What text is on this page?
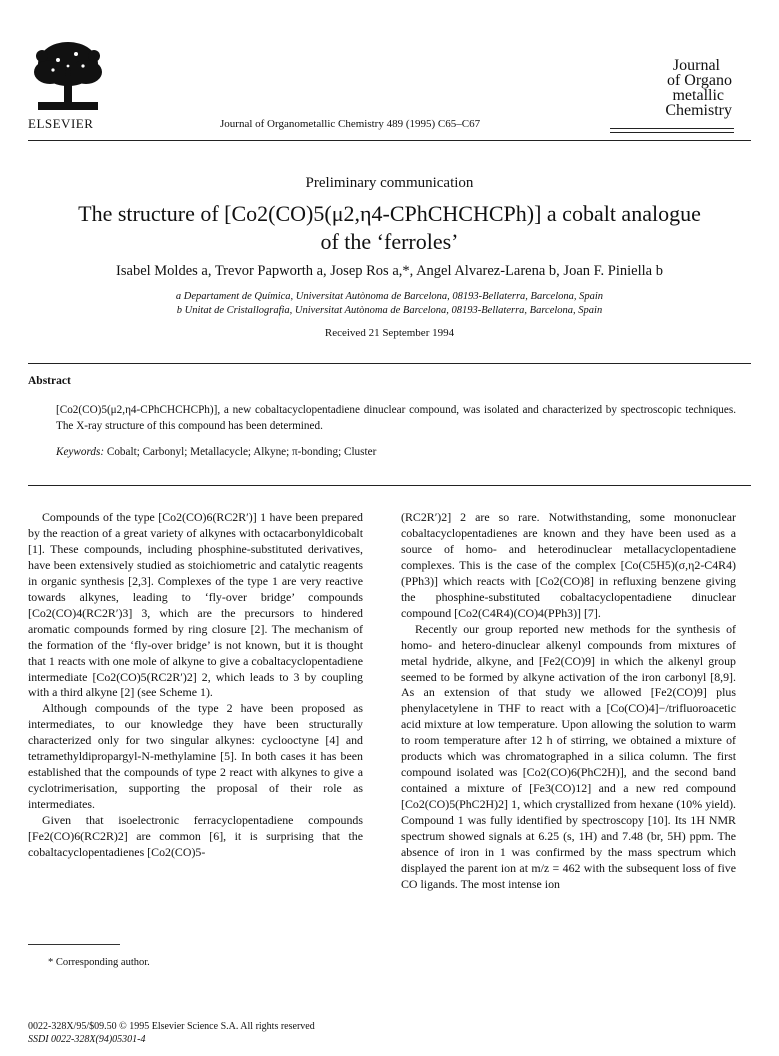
ELSEVIER	Journal of Organometallic Chemistry 489 (1995) C65–C67
Journal
of Organo
metallic
Chemistry
Preliminary communication
The structure of [Co2(CO)5(μ2,η4-CPhCHCHCPh)] a cobalt analogue
of the ‘ferroles’
Isabel Moldes a, Trevor Papworth a, Josep Ros a,*, Angel Alvarez-Larena b, Joan F. Piniella b
a Departament de Química, Universitat Autònoma de Barcelona, 08193-Bellaterra, Barcelona, Spain
b Unitat de Cristallografia, Universitat Autònoma de Barcelona, 08193-Bellaterra, Barcelona, Spain
Received 21 September 1994
Abstract
[Co2(CO)5(μ2,η4-CPhCHCHCPh)], a new cobaltacyclopentadiene dinuclear compound, was isolated and characterized by spectroscopic techniques. The X-ray structure of this compound has been determined.
Keywords: Cobalt; Carbonyl; Metallacycle; Alkyne; π-bonding; Cluster

Compounds of the type [Co2(CO)6(RC2R′)] 1 have been prepared by the reaction of a great variety of alkynes with octacarbonyldicobalt [1]. These compounds, including phosphine-substituted derivatives, have been extensively studied as stoichiometric and catalytic reagents in organic synthesis [2,3]. Complexes of the type 1 are very reactive towards alkynes, leading to ‘fly-over bridge’ compounds [Co2(CO)4(RC2R′)3] 3, which are the precursors to hindered aromatic compounds formed by ring closure [2]. The mechanism of the formation of the ‘fly-over bridge’ is not known, but it is thought that 1 reacts with one mole of alkyne to give a cobaltacyclopentadiene intermediate [Co2(CO)5(RC2R′)2] 2, which leads to 3 by coupling with a third alkyne [2] (see Scheme 1).

Although compounds of the type 2 have been proposed as intermediates, to our knowledge they have been structurally characterized only for two singular alkynes: cyclooctyne [4] and tetramethyldipropargyl-N-methylamine [5]. In both cases it has been established that the compounds of type 2 react with alkynes to give a cyclotrimerisation, supporting the proposal of their role as intermediates.

Given that isoelectronic ferracyclopentadiene compounds [Fe2(CO)6(RC2R)2] are common [6], it is surprising that the cobaltacyclopentadienes [Co2(CO)5-

(RC2R′)2] 2 are so rare. Notwithstanding, some mononuclear cobaltacyclopentadienes are known and they have been used as a source of homo- and heterodinuclear metallacyclopentadiene complexes. This is the case of the complex [Co(C5H5)(σ,η2-C4R4)(PPh3)] which reacts with [Co2(CO)8] in refluxing benzene giving the phosphine-substituted cobaltacyclopentadiene dinuclear compound [Co2(C4R4)(CO)4(PPh3)] [7].

Recently our group reported new methods for the synthesis of homo- and hetero-dinuclear alkenyl compounds from mixtures of metal hydride, alkyne, and [Fe2(CO)9] in which the alkenyl group seemed to be formed by alkyne activation of the iron carbonyl [8,9]. As an extension of that study we allowed [Fe2(CO)9] plus phenylacetylene in THF to react with a [Co(CO)4]−/trifluoroacetic acid mixture at low temperature. Upon allowing the solution to warm to room temperature after 12 h of stirring, we obtained a mixture of products which was chromatographed in a silica column. The first compound isolated was [Co2(CO)6(PhC2H)], and the second band contained a mixture of [Fe3(CO)12] and a new red compound [Co2(CO)5(PhC2H)2] 1, which crystallized from hexane (10% yield). Compound 1 was fully identified by spectroscopy [10]. Its 1H NMR spectrum showed signals at 6.25 (s, 1H) and 7.48 (br, 5H) ppm. The absence of iron in 1 was confirmed by the mass spectrum which displayed the parent ion at m/z = 462 with the subsequent loss of five CO ligands. The most intense ion

* Corresponding author.
0022-328X/95/$09.50 © 1995 Elsevier Science S.A. All rights reserved
SSDI 0022-328X(94)05301-4
